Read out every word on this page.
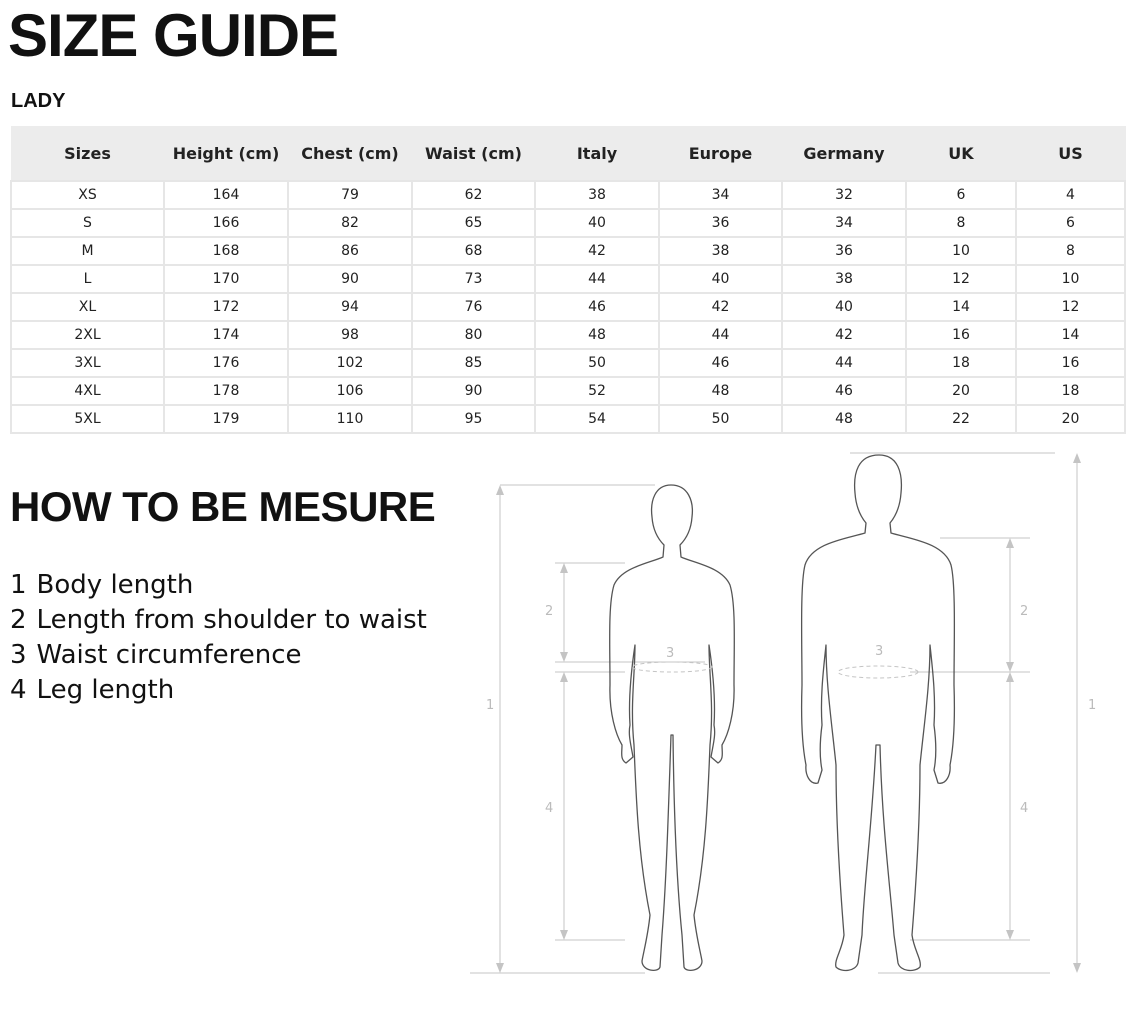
SIZE GUIDE
LADY
Sizes	Height (cm)	Chest (cm)	Waist (cm)	Italy	Europe	Germany	UK	US
XS	164	79	62	38	34	32	6	4
S	166	82	65	40	36	34	8	6
M	168	86	68	42	38	36	10	8
L	170	90	73	44	40	38	12	10
XL	172	94	76	46	42	40	14	12
2XL	174	98	80	48	44	42	16	14
3XL	176	102	85	50	46	44	18	16
4XL	178	106	90	52	48	46	20	18
5XL	179	110	95	54	50	48	22	20
HOW TO BE MESURE
1 Body length
2 Length from shoulder to waist
3 Waist circumference
4 Leg length
1
2
3
4
1
2
3
4
